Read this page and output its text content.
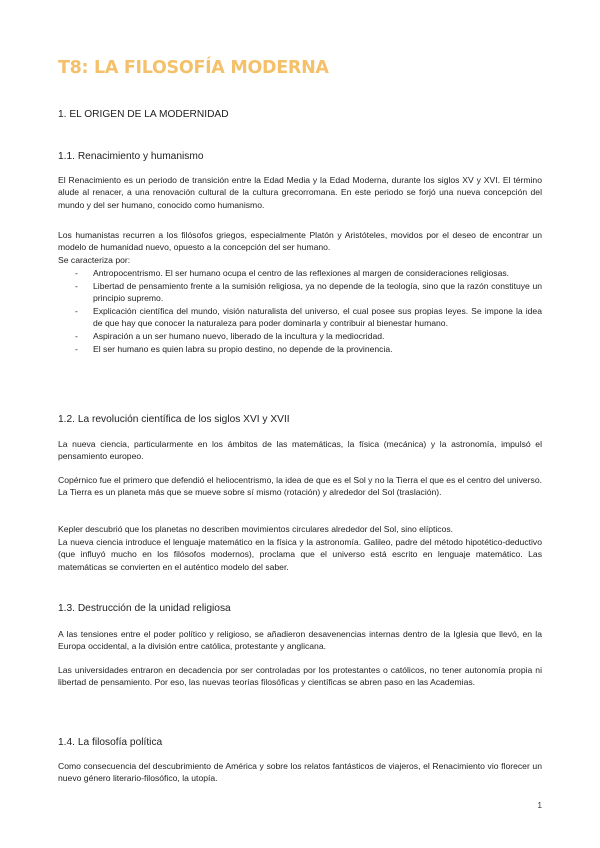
T8: LA FILOSOFÍA MODERNA
1. EL ORIGEN DE LA MODERNIDAD
1.1. Renacimiento y humanismo

El Renacimiento es un periodo de transición entre la Edad Media y la Edad Moderna, durante los siglos XV y XVI. El término alude al renacer, a una renovación cultural de la cultura grecorromana. En este periodo se forjó una nueva concepción del mundo y del ser humano, conocido como humanismo.

Los humanistas recurren a los filósofos griegos, especialmente Platón y Aristóteles, movidos por el deseo de encontrar un modelo de humanidad nuevo, opuesto a la concepción del ser humano.

Se caracteriza por:

- Antropocentrismo. El ser humano ocupa el centro de las reflexiones al margen de consideraciones religiosas.
- Libertad de pensamiento frente a la sumisión religiosa, ya no depende de la teología, sino que la razón constituye un principio supremo.
- Explicación científica del mundo, visión naturalista del universo, el cual posee sus propias leyes. Se impone la idea de que hay que conocer la naturaleza para poder dominarla y contribuir al bienestar humano.
- Aspiración a un ser humano nuevo, liberado de la incultura y la mediocridad.
- El ser humano es quien labra su propio destino, no depende de la provinencia.
1.2. La revolución científica de los siglos XVI y XVII

La nueva ciencia, particularmente en los ámbitos de las matemáticas, la física (mecánica) y la astronomía, impulsó el pensamiento europeo.

Copérnico fue el primero que defendió el heliocentrismo, la idea de que es el Sol y no la Tierra el que es el centro del universo. La Tierra es un planeta más que se mueve sobre sí mismo (rotación) y alrededor del Sol (traslación).

Kepler descubrió que los planetas no describen movimientos circulares alrededor del Sol, sino elípticos.

La nueva ciencia introduce el lenguaje matemático en la física y la astronomía. Galileo, padre del método hipotético-deductivo (que influyó mucho en los filósofos modernos), proclama que el universo está escrito en lenguaje matemático. Las matemáticas se convierten en el auténtico modelo del saber.

1.3. Destrucción de la unidad religiosa

A las tensiones entre el poder político y religioso, se añadieron desavenencias internas dentro de la Iglesia que llevó, en la Europa occidental, a la división entre católica, protestante y anglicana.

Las universidades entraron en decadencia por ser controladas por los protestantes o católicos, no tener autonomía propia ni libertad de pensamiento. Por eso, las nuevas teorías filosóficas y científicas se abren paso en las Academias.

1.4. La filosofía política

Como consecuencia del descubrimiento de América y sobre los relatos fantásticos de viajeros, el Renacimiento vio florecer un nuevo género literario-filosófico, la utopía.

1
